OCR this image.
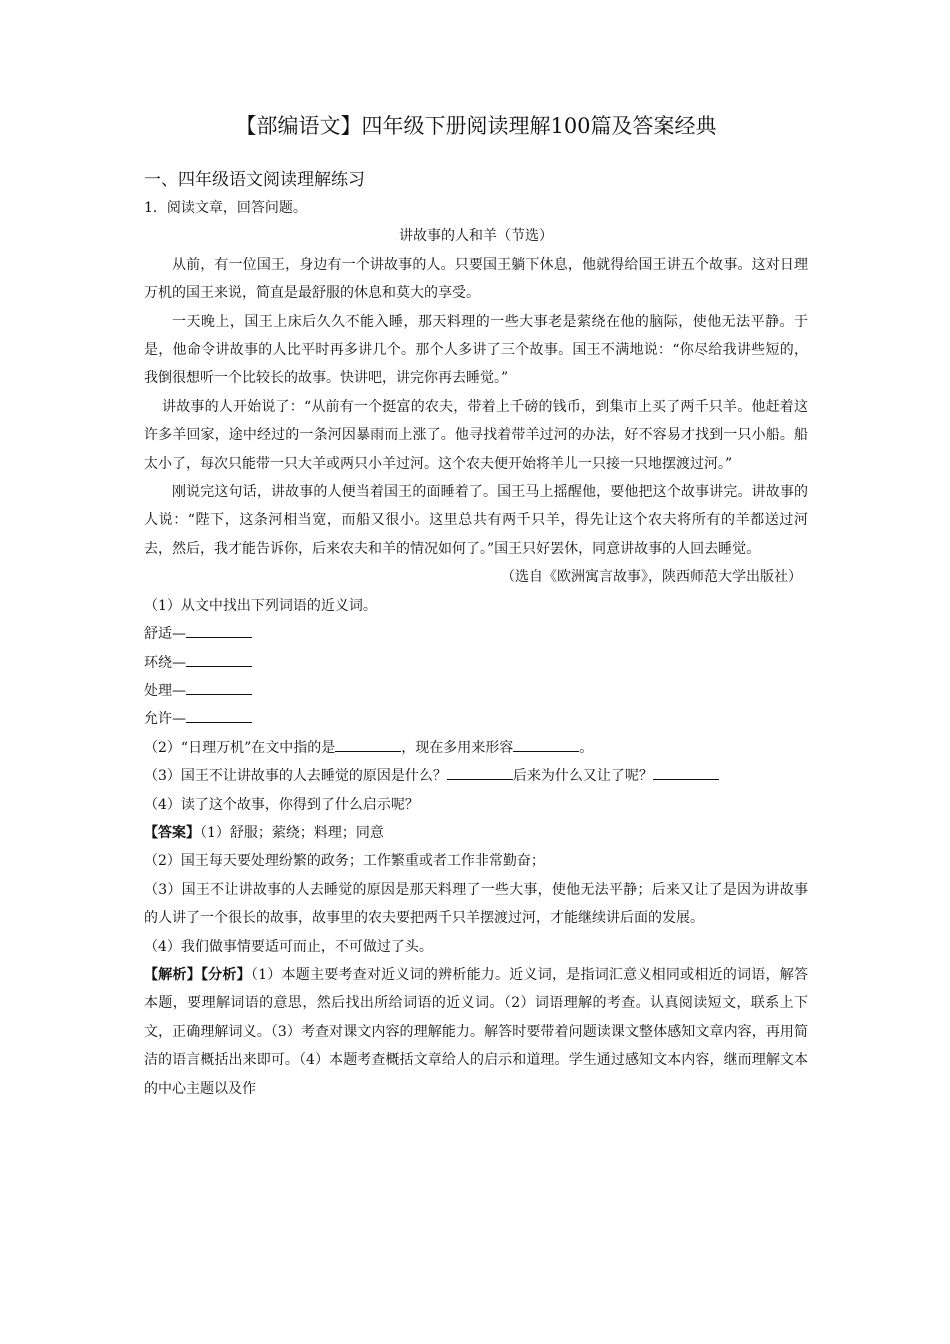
【部编语文】四年级下册阅读理解100篇及答案经典

一、四年级语文阅读理解练习

1．阅读文章，回答问题。

讲故事的人和羊（节选）

从前，有一位国王，身边有一个讲故事的人。只要国王躺下休息，他就得给国王讲五个故事。这对日理万机的国王来说，简直是最舒服的休息和莫大的享受。

一天晚上，国王上床后久久不能入睡，那天料理的一些大事老是萦绕在他的脑际，使他无法平静。于是，他命令讲故事的人比平时再多讲几个。那个人多讲了三个故事。国王不满地说：“你尽给我讲些短的，我倒很想听一个比较长的故事。快讲吧，讲完你再去睡觉。”

讲故事的人开始说了：“从前有一个挺富的农夫，带着上千磅的钱币，到集市上买了两千只羊。他赶着这许多羊回家，途中经过的一条河因暴雨而上涨了。他寻找着带羊过河的办法，好不容易才找到一只小船。船太小了，每次只能带一只大羊或两只小羊过河。这个农夫便开始将羊儿一只接一只地摆渡过河。”

刚说完这句话，讲故事的人便当着国王的面睡着了。国王马上摇醒他，要他把这个故事讲完。讲故事的人说：“陛下，这条河相当宽，而船又很小。这里总共有两千只羊，得先让这个农夫将所有的羊都送过河去，然后，我才能告诉你，后来农夫和羊的情况如何了。”国王只好罢休，同意讲故事的人回去睡觉。

（选自《欧洲寓言故事》，陕西师范大学出版社）

（1）从文中找出下列词语的近义词。

舒适—

环绕—

处理—

允许—

（2）“日理万机”在文中指的是	，现在多用来形容	。

（3）国王不让讲故事的人去睡觉的原因是什么？	后来为什么又让了呢？

（4）读了这个故事，你得到了什么启示呢？

【答案】（1）舒服；萦绕；料理；同意

（2）国王每天要处理纷繁的政务；工作繁重或者工作非常勤奋；

（3）国王不让讲故事的人去睡觉的原因是那天料理了一些大事，使他无法平静；后来又让了是因为讲故事的人讲了一个很长的故事，故事里的农夫要把两千只羊摆渡过河，才能继续讲后面的发展。

（4）我们做事情要适可而止，不可做过了头。

【解析】【分析】（1）本题主要考查对近义词的辨析能力。近义词，是指词汇意义相同或相近的词语，解答本题，要理解词语的意思，然后找出所给词语的近义词。（2）词语理解的考查。认真阅读短文，联系上下文，正确理解词义。（3）考查对课文内容的理解能力。解答时要带着问题读课文整体感知文章内容，再用简洁的语言概括出来即可。（4）本题考查概括文章给人的启示和道理。学生通过感知文本内容，继而理解文本的中心主题以及作
